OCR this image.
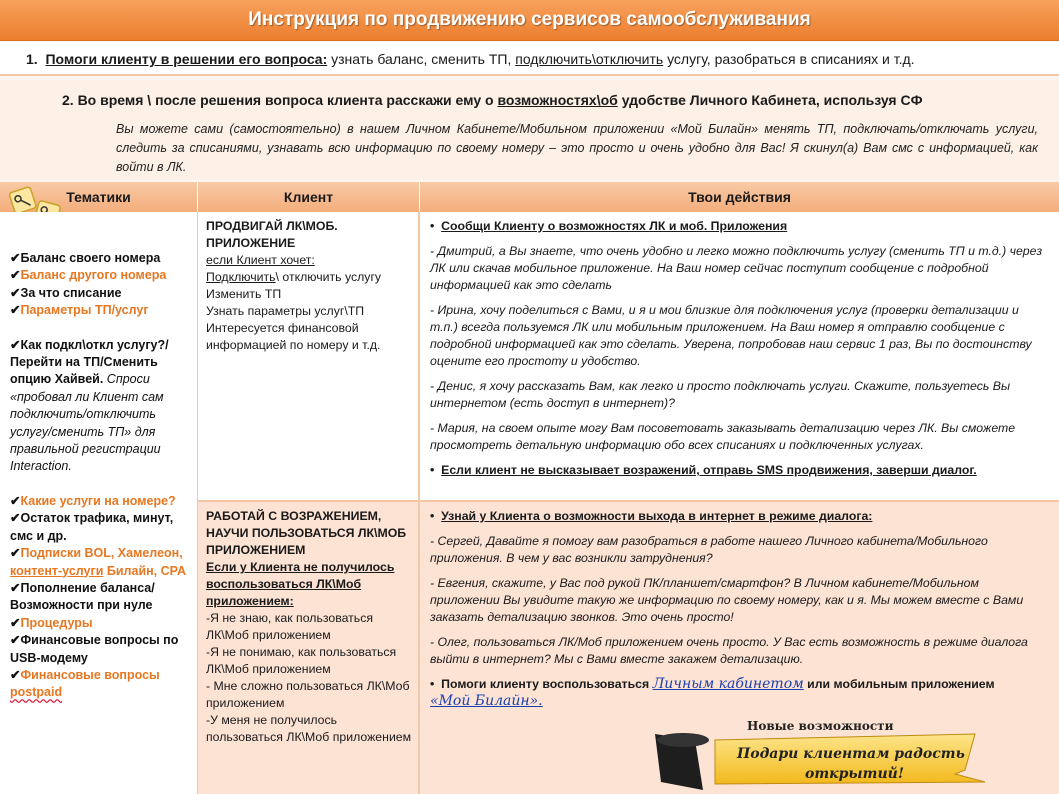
Инструкция по продвижению сервисов самообслуживания
1. Помоги клиенту в решении его вопроса: узнать баланс, сменить ТП, подключить\отключить услугу, разобраться в списаниях и т.д.
2. Во время \ после решения вопроса клиента расскажи ему о возможностях\об удобстве Личного Кабинета, используя СФ
Вы можете сами (самостоятельно) в нашем Личном Кабинете/Мобильном приложении «Мой Билайн» менять ТП, подключать/отключать услуги, следить за списаниями, узнавать всю информацию по своему номеру – это просто и очень удобно для Вас! Я скинул(а) Вам смс с информацией, как войти в ЛК.
Тематики	Клиент	Твои действия

✔Баланс своего номера

✔Баланс другого номера

✔За что списание

✔Параметры ТП/услуг

✔Как подкл\откл услугу?/Перейти на ТП/Сменить опцию Хайвей. Спроси «пробовал ли Клиент сам подключить/отключить услугу/сменить ТП» для правильной регистрации Interaction.

✔Какие услуги на номере?

✔Остаток трафика, минут, смс и др.

✔Подписки BOL, Хамелеон, контент-услуги Билайн, CPA

✔Пополнение баланса/Возможности при нуле

✔Процедуры

✔Финансовые вопросы по USB-модему

✔Финансовые вопросы postpaid

ПРОДВИГАЙ ЛК\МОБ. ПРИЛОЖЕНИЕ
если Клиент хочет:
Подключить\ отключить услугу
Изменить ТП
Узнать параметры услуг\ТП
Интересуется финансовой информацией по номеру и т.д.
РАБОТАЙ С ВОЗРАЖЕНИЕМ, НАУЧИ ПОЛЬЗОВАТЬСЯ ЛК\МОБ ПРИЛОЖЕНИЕМ
Если у Клиента не получилось воспользоваться ЛК\Моб приложением:
-Я не знаю, как пользоваться ЛК\Моб приложением
-Я не понимаю, как пользоваться ЛК\Моб приложением
- Мне сложно пользоваться ЛК\Моб приложением
-У меня не получилось пользоваться ЛК\Моб приложением

•  Сообщи Клиенту о возможностях ЛК и моб. Приложения

- Дмитрий, а Вы знаете, что очень удобно и легко можно подключить услугу (сменить ТП и т.д.) через ЛК или скачав мобильное приложение. На Ваш номер сейчас поступит сообщение с подробной информацией как это сделать

- Ирина, хочу поделиться с Вами, и я и мои близкие для подключения услуг (проверки детализации и т.п.) всегда пользуемся ЛК или мобильным приложением. На Ваш номер я отправлю сообщение с подробной информацией как это сделать. Уверена, попробовав наш сервис 1 раз, Вы по достоинству оцените его простоту и удобство.

- Денис, я хочу рассказать Вам, как легко и просто подключать услуги. Скажите, пользуетесь Вы интернетом (есть доступ в интернет)?

- Мария, на своем опыте могу Вам посоветовать заказывать детализацию через ЛК. Вы сможете просмотреть детальную информацию обо всех списаниях и подключенных услугах.

•  Если клиент не высказывает возражений, отправь SMS продвижения, заверши диалог.

•  Узнай у Клиента о возможности выхода в интернет в режиме диалога:

- Сергей, Давайте я помогу вам разобраться в работе нашего Личного кабинета/Мобильного приложения. В чем у вас возникли затруднения?

- Евгения, скажите, у Вас под рукой ПК/планшет/смартфон? В Личном кабинете/Мобильном приложении Вы увидите такую же информацию по своему номеру, как и я. Мы можем вместе с Вами заказать детализацию звонков. Это очень просто!

- Олег, пользоваться ЛК/Моб приложением очень просто. У Вас есть возможность в режиме диалога выйти в интернет? Мы с Вами вместе закажем детализацию.

•  Помоги клиенту воспользоваться Личным кабинетом или мобильным приложением
«Мой Билайн».

Новые возможности
Подари клиентам радость
открытий!
